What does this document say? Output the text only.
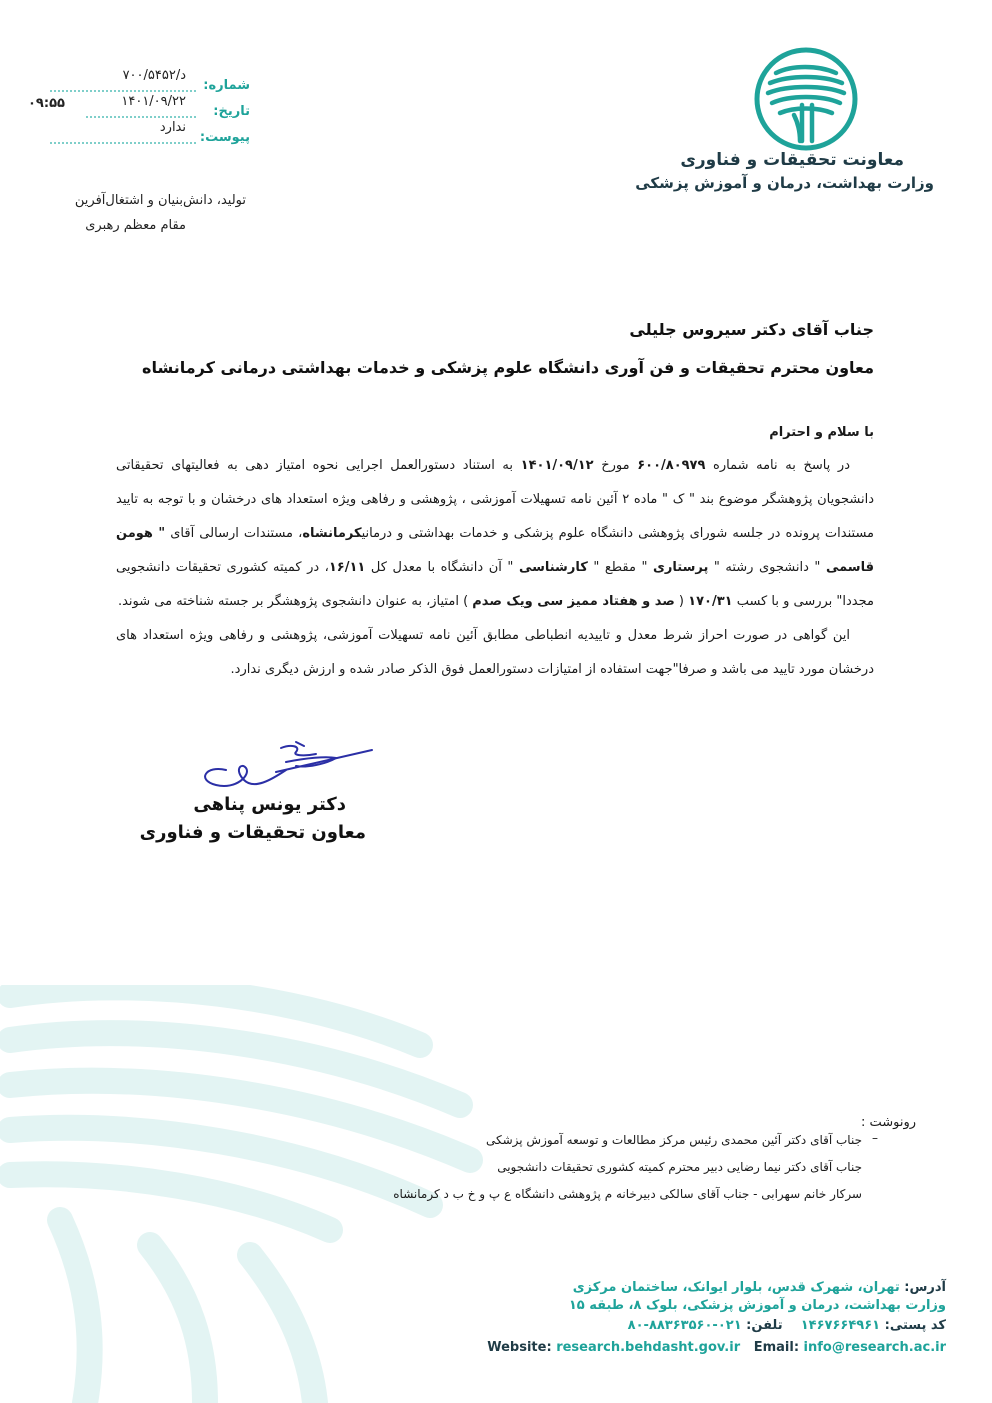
معاونت تحقیقات و فناوری
وزارت بهداشت، درمان و آموزش پزشکی
د/۷۰۰/۵۴۵۲
شماره:
۰۹:۵۵	۱۴۰۱/۰۹/۲۲
تاریخ:
ندارد
پیوست:
تولید، دانش‌بنیان و اشتغال‌آفرین
مقام معظم رهبری
جناب آقای دکتر سیروس جلیلی
معاون محترم تحقیقات و فن آوری دانشگاه علوم پزشکی و خدمات بهداشتی درمانی کرمانشاه
با سلام و احترام

در پاسخ به نامه شماره ۶۰۰/۸۰۹۷۹ مورخ ۱۴۰۱/۰۹/۱۲ به استناد دستورالعمل اجرایی نحوه امتیاز دهی به فعالیتهای تحقیقاتی دانشجویان پژوهشگر موضوع بند " ک " ماده ۲ آئین نامه تسهیلات آموزشی ، پژوهشی و رفاهی ویژه استعداد های درخشان و با توجه به تایید مستندات پرونده در جلسه شورای پژوهشی دانشگاه علوم پزشکی و خدمات بهداشتی و درمانیکرمانشاه، مستندات ارسالی آقای " هومن قاسمی " دانشجوی رشته " پرستاری " مقطع " کارشناسی " آن دانشگاه با معدل کل ۱۶/۱۱، در کمیته کشوری تحقیقات دانشجویی مجددا" بررسی و با کسب ۱۷۰/۳۱ ( صد و هفتاد ممیز سی ویک صدم ) امتیاز، به عنوان دانشجوی پژوهشگر بر جسته شناخته می شوند.

این گواهی در صورت احراز شرط معدل و تاییدیه انطباطی مطابق آئین نامه تسهیلات آموزشی، پژوهشی و رفاهی ویژه استعداد های درخشان مورد تایید می باشد و صرفا"جهت استفاده از امتیازات دستورالعمل فوق الذکر صادر شده و ارزش دیگری ندارد.

دکتر یونس پناهی
معاون تحقیقات و فناوری
رونوشت :
–
جناب آقای دکتر آئین محمدی رئیس مرکز مطالعات و توسعه آموزش پزشکی
جناب آقای دکتر نیما رضایی دبیر محترم کمیته کشوری تحقیقات دانشجویی
سرکار خانم سهرابی - جناب آقای سالکی دبیرخانه م پژوهشی دانشگاه ع پ و خ ب د کرمانشاه
آدرس: تهران، شهرک قدس، بلوار ایوانک، ساختمان مرکزی
وزارت بهداشت، درمان و آموزش پزشکی، بلوک ۸، طبقه ۱۵
کد پستی: ۱۴۶۷۶۶۴۹۶۱    تلفن: ۰۲۱-۸۸۳۶۳۵۶۰-۸۰
Website: research.behdasht.gov.ir Email: info@research.ac.ir
